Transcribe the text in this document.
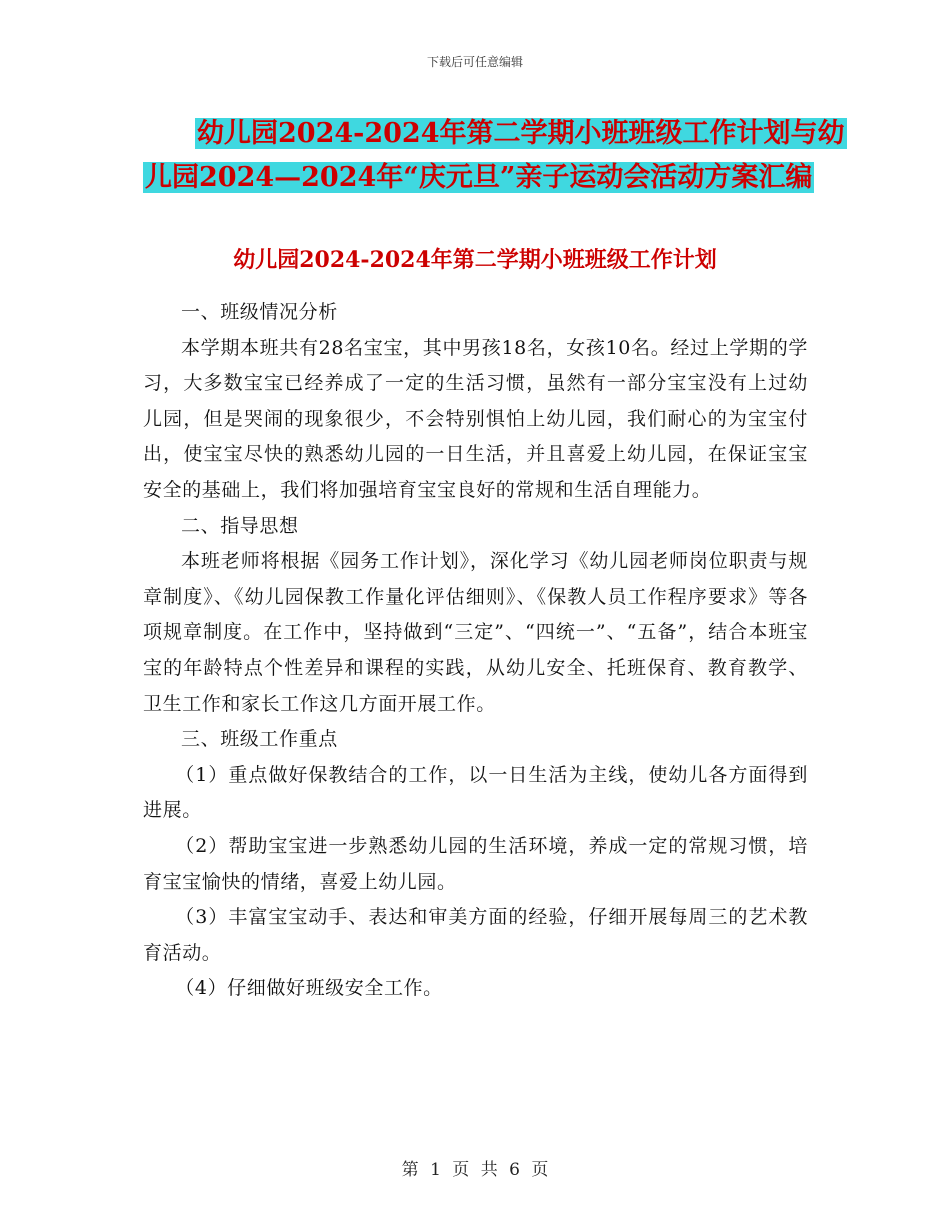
下载后可任意编辑
幼儿园2024-2024年第二学期小班班级工作计划与幼
儿园2024—2024年“庆元旦”亲子运动会活动方案汇编
幼儿园2024-2024年第二学期小班班级工作计划

一、班级情况分析

本学期本班共有28名宝宝，其中男孩18名，女孩10名。经过上学期的学习，大多数宝宝已经养成了一定的生活习惯，虽然有一部分宝宝没有上过幼儿园，但是哭闹的现象很少，不会特别惧怕上幼儿园，我们耐心的为宝宝付出，使宝宝尽快的熟悉幼儿园的一日生活，并且喜爱上幼儿园，在保证宝宝安全的基础上，我们将加强培育宝宝良好的常规和生活自理能力。

二、指导思想

本班老师将根据《园务工作计划》，深化学习《幼儿园老师岗位职责与规章制度》、《幼儿园保教工作量化评估细则》、《保教人员工作程序要求》等各项规章制度。在工作中，坚持做到“三定”、“四统一”、“五备”，结合本班宝宝的年龄特点个性差异和课程的实践，从幼儿安全、托班保育、教育教学、卫生工作和家长工作这几方面开展工作。

三、班级工作重点

（1）重点做好保教结合的工作，以一日生活为主线，使幼儿各方面得到进展。

（2）帮助宝宝进一步熟悉幼儿园的生活环境，养成一定的常规习惯，培育宝宝愉快的情绪，喜爱上幼儿园。

（3）丰富宝宝动手、表达和审美方面的经验，仔细开展每周三的艺术教育活动。

（4）仔细做好班级安全工作。

第 1 页 共 6 页
